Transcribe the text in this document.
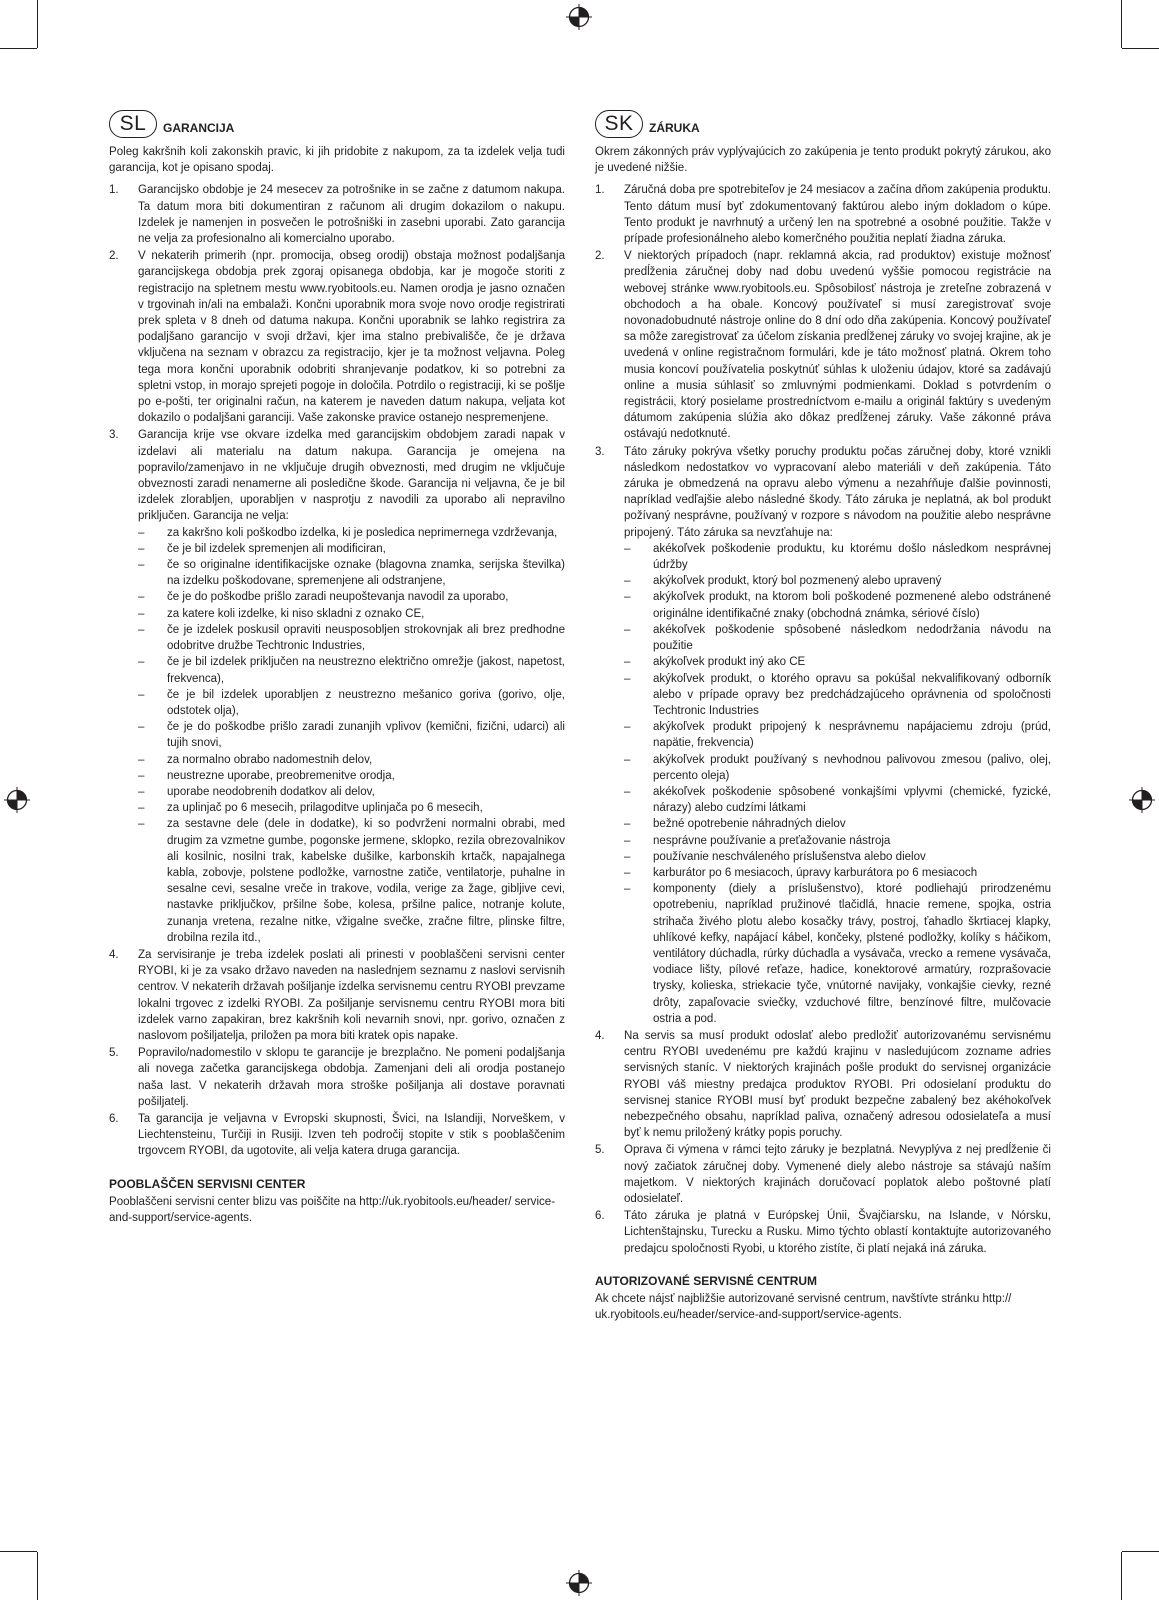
SL	GARANCIJA

Poleg kakršnih koli zakonskih pravic, ki jih pridobite z nakupom, za ta izdelek velja tudi garancija, kot je opisano spodaj.

1. Garancijsko obdobje je 24 mesecev za potrošnike in se začne z datumom nakupa. Ta datum mora biti dokumentiran z računom ali drugim dokazilom o nakupu. Izdelek je namenjen in posvečen le potrošniški in zasebni uporabi. Zato garancija ne velja za profesionalno ali komercialno uporabo.
2. V nekaterih primerih (npr. promocija, obseg orodij) obstaja možnost podaljšanja garancijskega obdobja prek zgoraj opisanega obdobja, kar je mogoče storiti z registracijo na spletnem mestu www.ryobitools.eu. Namen orodja je jasno označen v trgovinah in/ali na embalaži. Končni uporabnik mora svoje novo orodje registrirati prek spleta v 8 dneh od datuma nakupa. Končni uporabnik se lahko registrira za podaljšano garancijo v svoji državi, kjer ima stalno prebivališče, če je država vključena na seznam v obrazcu za registracijo, kjer je ta možnost veljavna. Poleg tega mora končni uporabnik odobriti shranjevanje podatkov, ki so potrebni za spletni vstop, in morajo sprejeti pogoje in določila. Potrdilo o registraciji, ki se pošlje po e-pošti, ter originalni račun, na katerem je naveden datum nakupa, veljata kot dokazilo o podaljšani garanciji. Vaše zakonske pravice ostanejo nespremenjene.
3. Garancija krije vse okvare izdelka med garancijskim obdobjem zaradi napak v izdelavi ali materialu na datum nakupa. Garancija je omejena na popravilo/zamenjavo in ne vključuje drugih obveznosti, med drugim ne vključuje obveznosti zaradi nenamerne ali posledične škode. Garancija ni veljavna, če je bil izdelek zlorabljen, uporabljen v nasprotju z navodili za uporabo ali nepravilno priključen. Garancija ne velja:
– za kakršno koli poškodbo izdelka, ki je posledica neprimernega vzdrževanja,
– če je bil izdelek spremenjen ali modificiran,
– če so originalne identifikacijske oznake (blagovna znamka, serijska številka) na izdelku poškodovane, spremenjene ali odstranjene,
– če je do poškodbe prišlo zaradi neupoštevanja navodil za uporabo,
– za katere koli izdelke, ki niso skladni z oznako CE,
– če je izdelek poskusil opraviti neusposobljen strokovnjak ali brez predhodne odobritve družbe Techtronic Industries,
– če je bil izdelek priključen na neustrezno električno omrežje (jakost, napetost, frekvenca),
– če je bil izdelek uporabljen z neustrezno mešanico goriva (gorivo, olje, odstotek olja),
– če je do poškodbe prišlo zaradi zunanjih vplivov (kemični, fizični, udarci) ali tujih snovi,
– za normalno obrabo nadomestnih delov,
– neustrezne uporabe, preobremenitve orodja,
– uporabe neodobrenih dodatkov ali delov,
– za uplinjač po 6 mesecih, prilagoditve uplinjača po 6 mesecih,
– za sestavne dele (dele in dodatke), ki so podvrženi normalni obrabi, med drugim za vzmetne gumbe, pogonske jermene, sklopko, rezila obrezovalnikov ali kosilnic, nosilni trak, kabelske dušilke, karbonskih krtačk, napajalnega kabla, zobovje, polstene podložke, varnostne zatiče, ventilatorje, puhalne in sesalne cevi, sesalne vreče in trakove, vodila, verige za žage, gibljive cevi, nastavke priključkov, pršilne šobe, kolesa, pršilne palice, notranje kolute, zunanja vretena, rezalne nitke, vžigalne svečke, zračne filtre, plinske filtre, drobilna rezila itd.,
4. Za servisiranje je treba izdelek poslati ali prinesti v pooblaščeni servisni center RYOBI, ki je za vsako državo naveden na naslednjem seznamu z naslovi servisnih centrov. V nekaterih državah pošiljanje izdelka servisnemu centru RYOBI prevzame lokalni trgovec z izdelki RYOBI. Za pošiljanje servisnemu centru RYOBI mora biti izdelek varno zapakiran, brez kakršnih koli nevarnih snovi, npr. gorivo, označen z naslovom pošiljatelja, priložen pa mora biti kratek opis napake.
5. Popravilo/nadomestilo v sklopu te garancije je brezplačno. Ne pomeni podaljšanja ali novega začetka garancijskega obdobja. Zamenjani deli ali orodja postanejo naša last. V nekaterih državah mora stroške pošiljanja ali dostave poravnati pošiljatelj.
6. Ta garancija je veljavna v Evropski skupnosti, Švici, na Islandiji, Norveškem, v Liechtensteinu, Turčiji in Rusiji. Izven teh področij stopite v stik s pooblaščenim trgovcem RYOBI, da ugotovite, ali velja katera druga garancija.
POOBLAŠČEN SERVISNI CENTER

Pooblaščeni servisni center blizu vas poiščite na http://uk.ryobitools.eu/header/ service-and-support/service-agents.

SK	ZÁRUKA

Okrem zákonných práv vyplývajúcich zo zakúpenia je tento produkt pokrytý zárukou, ako je uvedené nižšie.

1. Záručná doba pre spotrebiteľov je 24 mesiacov a začína dňom zakúpenia produktu. Tento dátum musí byť zdokumentovaný faktúrou alebo iným dokladom o kúpe. Tento produkt je navrhnutý a určený len na spotrebné a osobné použitie. Takže v prípade profesionálneho alebo komerčného použitia neplatí žiadna záruka.
2. V niektorých prípadoch (napr. reklamná akcia, rad produktov) existuje možnosť predĺženia záručnej doby nad dobu uvedenú vyššie pomocou registrácie na webovej stránke www.ryobitools.eu. Spôsobilosť nástroja je zreteľne zobrazená v obchodoch a ha obale. Koncový používateľ si musí zaregistrovať svoje novonadobudnuté nástroje online do 8 dní odo dňa zakúpenia. Koncový používateľ sa môže zaregistrovať za účelom získania predĺženej záruky vo svojej krajine, ak je uvedená v online registračnom formulári, kde je táto možnosť platná. Okrem toho musia koncoví používatelia poskytnúť súhlas k uloženiu údajov, ktoré sa zadávajú online a musia súhlasiť so zmluvnými podmienkami. Doklad s potvrdením o registrácii, ktorý posielame prostredníctvom e-mailu a originál faktúry s uvedeným dátumom zakúpenia slúžia ako dôkaz predĺženej záruky. Vaše zákonné práva ostávajú nedotknuté.
3. Táto záruky pokrýva všetky poruchy produktu počas záručnej doby, ktoré vznikli následkom nedostatkov vo vypracovaní alebo materiáli v deň zakúpenia. Táto záruka je obmedzená na opravu alebo výmenu a nezahŕňuje ďalšie povinnosti, napríklad vedľajšie alebo následné škody. Táto záruka je neplatná, ak bol produkt požívaný nesprávne, používaný v rozpore s návodom na použitie alebo nesprávne pripojený. Táto záruka sa nevzťahuje na:
– akékoľvek poškodenie produktu, ku ktorému došlo následkom nesprávnej údržby
– akýkoľvek produkt, ktorý bol pozmenený alebo upravený
– akýkoľvek produkt, na ktorom boli poškodené pozmenené alebo odstránené originálne identifikačné znaky (obchodná známka, sériové číslo)
– akékoľvek poškodenie spôsobené následkom nedodržania návodu na použitie
– akýkoľvek produkt iný ako CE
– akýkoľvek produkt, o ktorého opravu sa pokúšal nekvalifikovaný odborník alebo v prípade opravy bez predchádzajúceho oprávnenia od spoločnosti Techtronic Industries
– akýkoľvek produkt pripojený k nesprávnemu napájaciemu zdroju (prúd, napätie, frekvencia)
– akýkoľvek produkt používaný s nevhodnou palivovou zmesou (palivo, olej, percento oleja)
– akékoľvek poškodenie spôsobené vonkajšími vplyvmi (chemické, fyzické, nárazy) alebo cudzími látkami
– bežné opotrebenie náhradných dielov
– nesprávne používanie a preťažovanie nástroja
– používanie neschváleného príslušenstva alebo dielov
– karburátor po 6 mesiacoch, úpravy karburátora po 6 mesiacoch
– komponenty (diely a príslušenstvo), ktoré podliehajú prirodzenému opotrebeniu, napríklad pružinové tlačidlá, hnacie remene, spojka, ostria strihača živého plotu alebo kosačky trávy, postroj, ťahadlo škrtiacej klapky, uhlíkové kefky, napájací kábel, končeky, plstené podložky, kolíky s háčikom, ventilátory dúchadla, rúrky dúchadla a vysávača, vrecko a remene vysávača, vodiace lišty, pílové reťaze, hadice, konektorové armatúry, rozprašovacie trysky, kolieska, striekacie tyče, vnútorné navijaky, vonkajšie cievky, rezné drôty, zapaľovacie sviečky, vzduchové filtre, benzínové filtre, mulčovacie ostria a pod.
4. Na servis sa musí produkt odoslať alebo predložiť autorizovanému servisnému centru RYOBI uvedenému pre každú krajinu v nasledujúcom zozname adries servisných staníc. V niektorých krajinách pošle produkt do servisnej organizácie RYOBI váš miestny predajca produktov RYOBI. Pri odosielaní produktu do servisnej stanice RYOBI musí byť produkt bezpečne zabalený bez akéhokoľvek nebezpečného obsahu, napríklad paliva, označený adresou odosielateľa a musí byť k nemu priložený krátky popis poruchy.
5. Oprava či výmena v rámci tejto záruky je bezplatná. Nevyplýva z nej predĺženie či nový začiatok záručnej doby. Vymenené diely alebo nástroje sa stávajú naším majetkom. V niektorých krajinách doručovací poplatok alebo poštovné platí odosielateľ.
6. Táto záruka je platná v Európskej Únii, Švajčiarsku, na Islande, v Nórsku, Lichtenštajnsku, Turecku a Rusku. Mimo týchto oblastí kontaktujte autorizovaného predajcu spoločnosti Ryobi, u ktorého zistíte, či platí nejaká iná záruka.
AUTORIZOVANÉ SERVISNÉ CENTRUM

Ak chcete nájsť najbližšie autorizované servisné centrum, navštívte stránku http:// uk.ryobitools.eu/header/service-and-support/service-agents.
